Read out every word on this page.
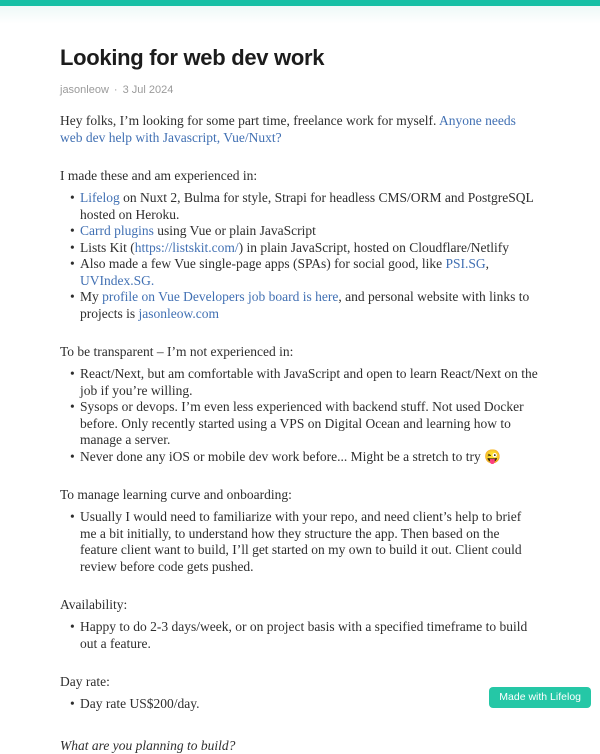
Looking for web dev work
jasonleow · 3 Jul 2024

Hey folks, I’m looking for some part time, freelance work for myself. Anyone needs web dev help with Javascript, Vue/Nuxt?

I made these and am experienced in:

• Lifelog on Nuxt 2, Bulma for style, Strapi for headless CMS/ORM and PostgreSQL hosted on Heroku.
• Carrd plugins using Vue or plain JavaScript
• Lists Kit (https://listskit.com/) in plain JavaScript, hosted on Cloudflare/Netlify
• Also made a few Vue single-page apps (SPAs) for social good, like PSI.SG, UVIndex.SG.
• My profile on Vue Developers job board is here, and personal website with links to projects is jasonleow.com

To be transparent – I’m not experienced in:

• React/Next, but am comfortable with JavaScript and open to learn React/Next on the job if you’re willing.
• Sysops or devops. I’m even less experienced with backend stuff. Not used Docker before. Only recently started using a VPS on Digital Ocean and learning how to manage a server.
• Never done any iOS or mobile dev work before... Might be a stretch to try 😜

To manage learning curve and onboarding:

• Usually I would need to familiarize with your repo, and need client’s help to brief me a bit initially, to understand how they structure the app. Then based on the feature client want to build, I’ll get started on my own to build it out. Client could review before code gets pushed.

Availability:

• Happy to do 2-3 days/week, or on project basis with a specified timeframe to build out a feature.

Day rate:

• Day rate US$200/day.

What are you planning to build?

Made with Lifelog
